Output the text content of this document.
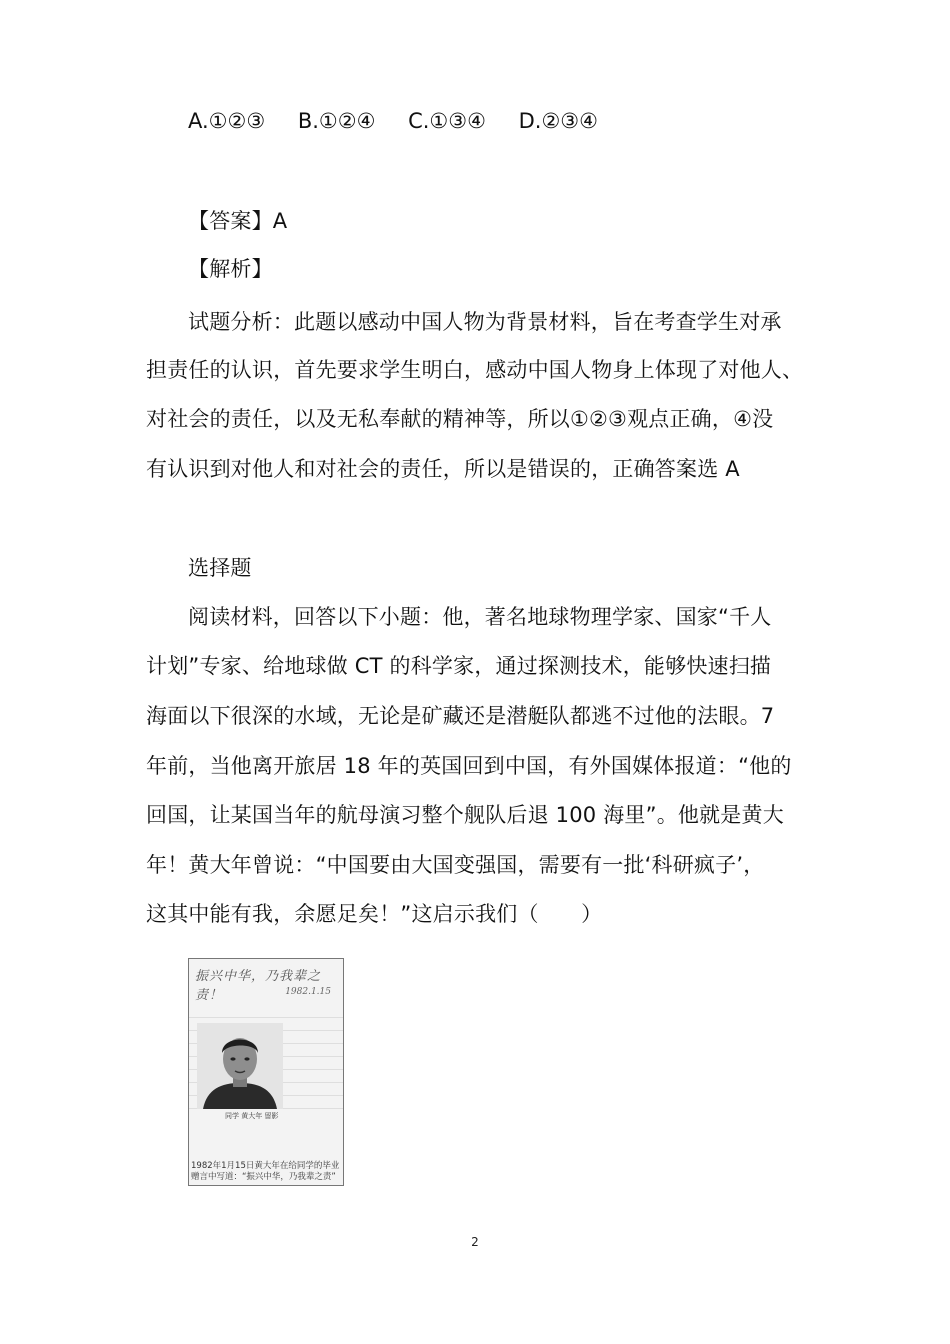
A.①②③ B.①②④ C.①③④ D.②③④
【答案】A
【解析】
试题分析：此题以感动中国人物为背景材料，旨在考查学生对承
担责任的认识，首先要求学生明白，感动中国人物身上体现了对他人、
对社会的责任，以及无私奉献的精神等，所以①②③观点正确，④没
有认识到对他人和对社会的责任，所以是错误的，正确答案选 A
选择题
阅读材料，回答以下小题：他，著名地球物理学家、国家“千人
计划”专家、给地球做 CT 的科学家，通过探测技术，能够快速扫描
海面以下很深的水域，无论是矿藏还是潜艇队都逃不过他的法眼。7
年前，当他离开旅居 18 年的英国回到中国，有外国媒体报道：“他的
回国，让某国当年的航母演习整个舰队后退 100 海里”。他就是黄大
年！黄大年曾说：“中国要由大国变强国，需要有一批‘科研疯子’，
这其中能有我，余愿足矣！”这启示我们（　　）
振兴中华，乃我辈之责！	1982.1.15
同学 黄大年 留影
1982年1月15日黄大年在给同学的毕业赠言中写道：“振兴中华，乃我辈之责”
2
